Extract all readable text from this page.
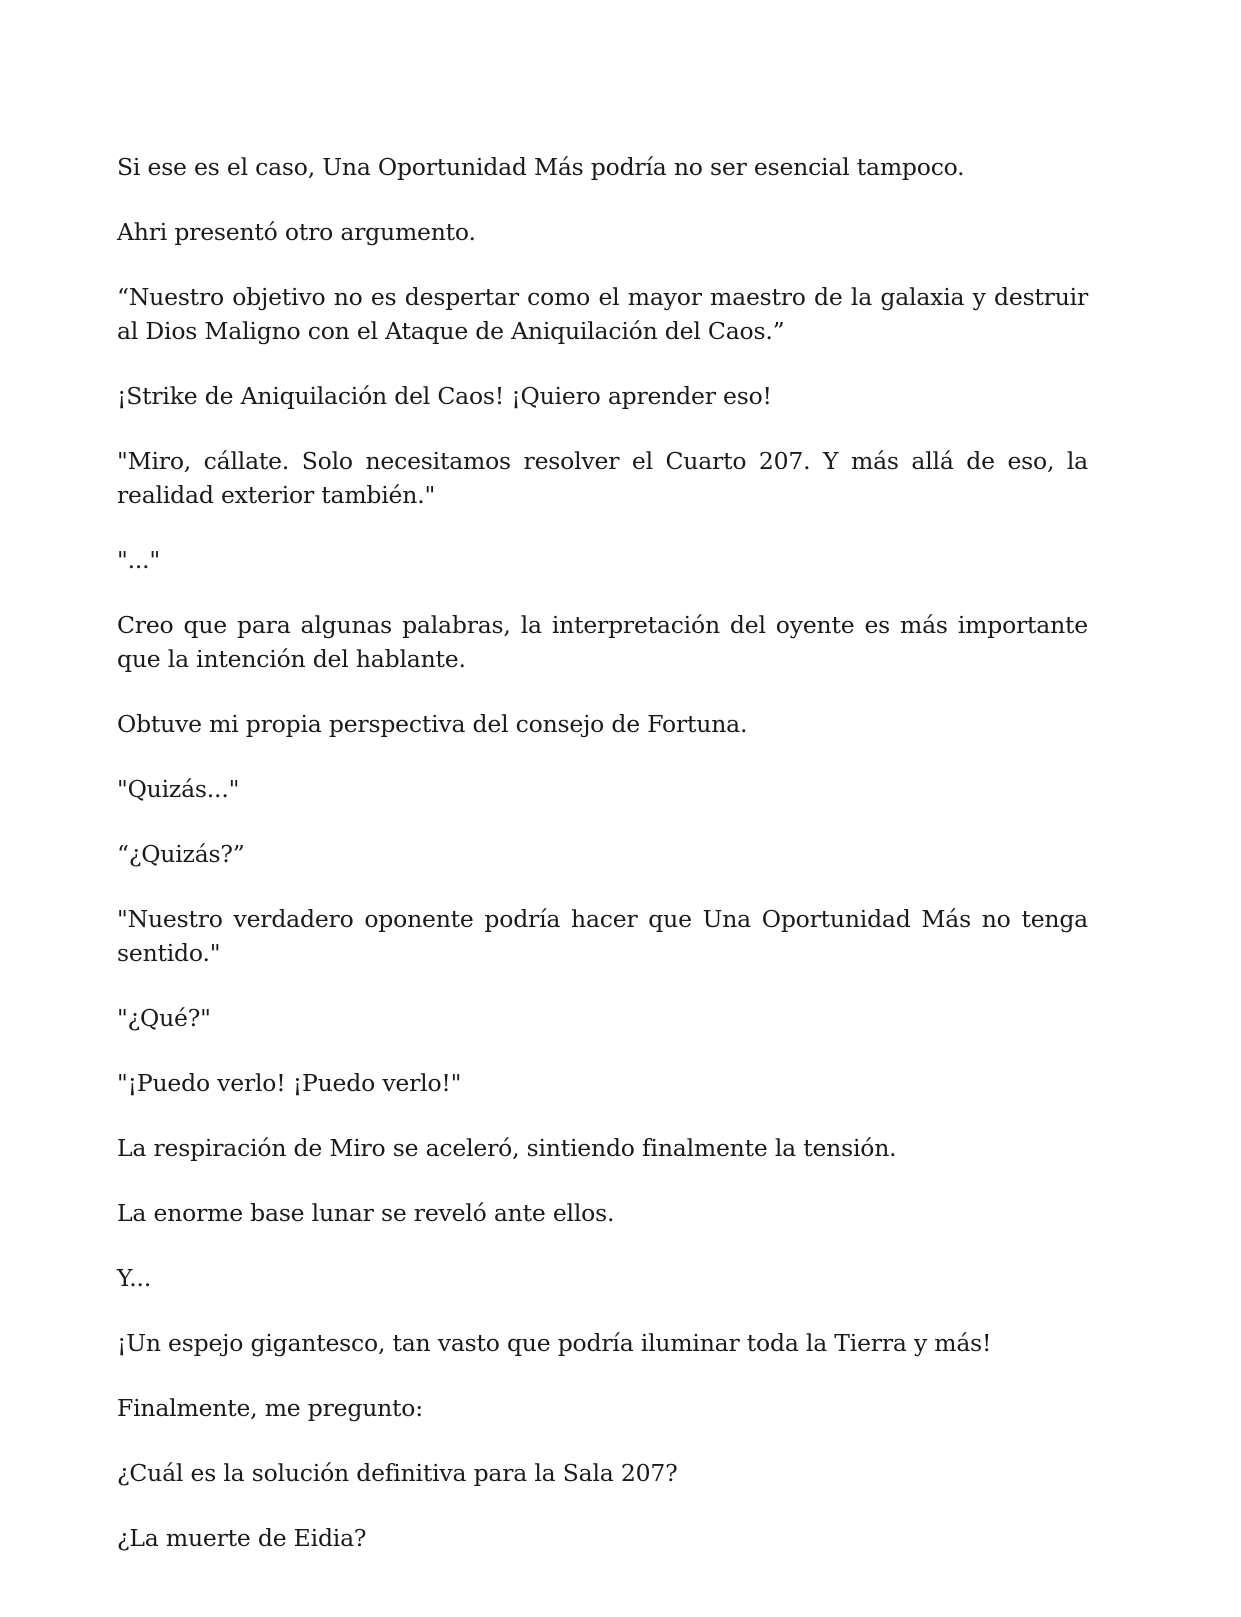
Si ese es el caso, Una Oportunidad Más podría no ser esencial tampoco.

Ahri presentó otro argumento.

“Nuestro objetivo no es despertar como el mayor maestro de la galaxia y destruir al Dios Maligno con el Ataque de Aniquilación del Caos.”

¡Strike de Aniquilación del Caos! ¡Quiero aprender eso!

"Miro, cállate. Solo necesitamos resolver el Cuarto 207. Y más allá de eso, la realidad exterior también."

"..."

Creo que para algunas palabras, la interpretación del oyente es más importante que la intención del hablante.

Obtuve mi propia perspectiva del consejo de Fortuna.

"Quizás..."

“¿Quizás?”

"Nuestro verdadero oponente podría hacer que Una Oportunidad Más no tenga sentido."

"¿Qué?"

"¡Puedo verlo! ¡Puedo verlo!"

La respiración de Miro se aceleró, sintiendo finalmente la tensión.

La enorme base lunar se reveló ante ellos.

Y...

¡Un espejo gigantesco, tan vasto que podría iluminar toda la Tierra y más!

Finalmente, me pregunto:

¿Cuál es la solución definitiva para la Sala 207?

¿La muerte de Eidia?
